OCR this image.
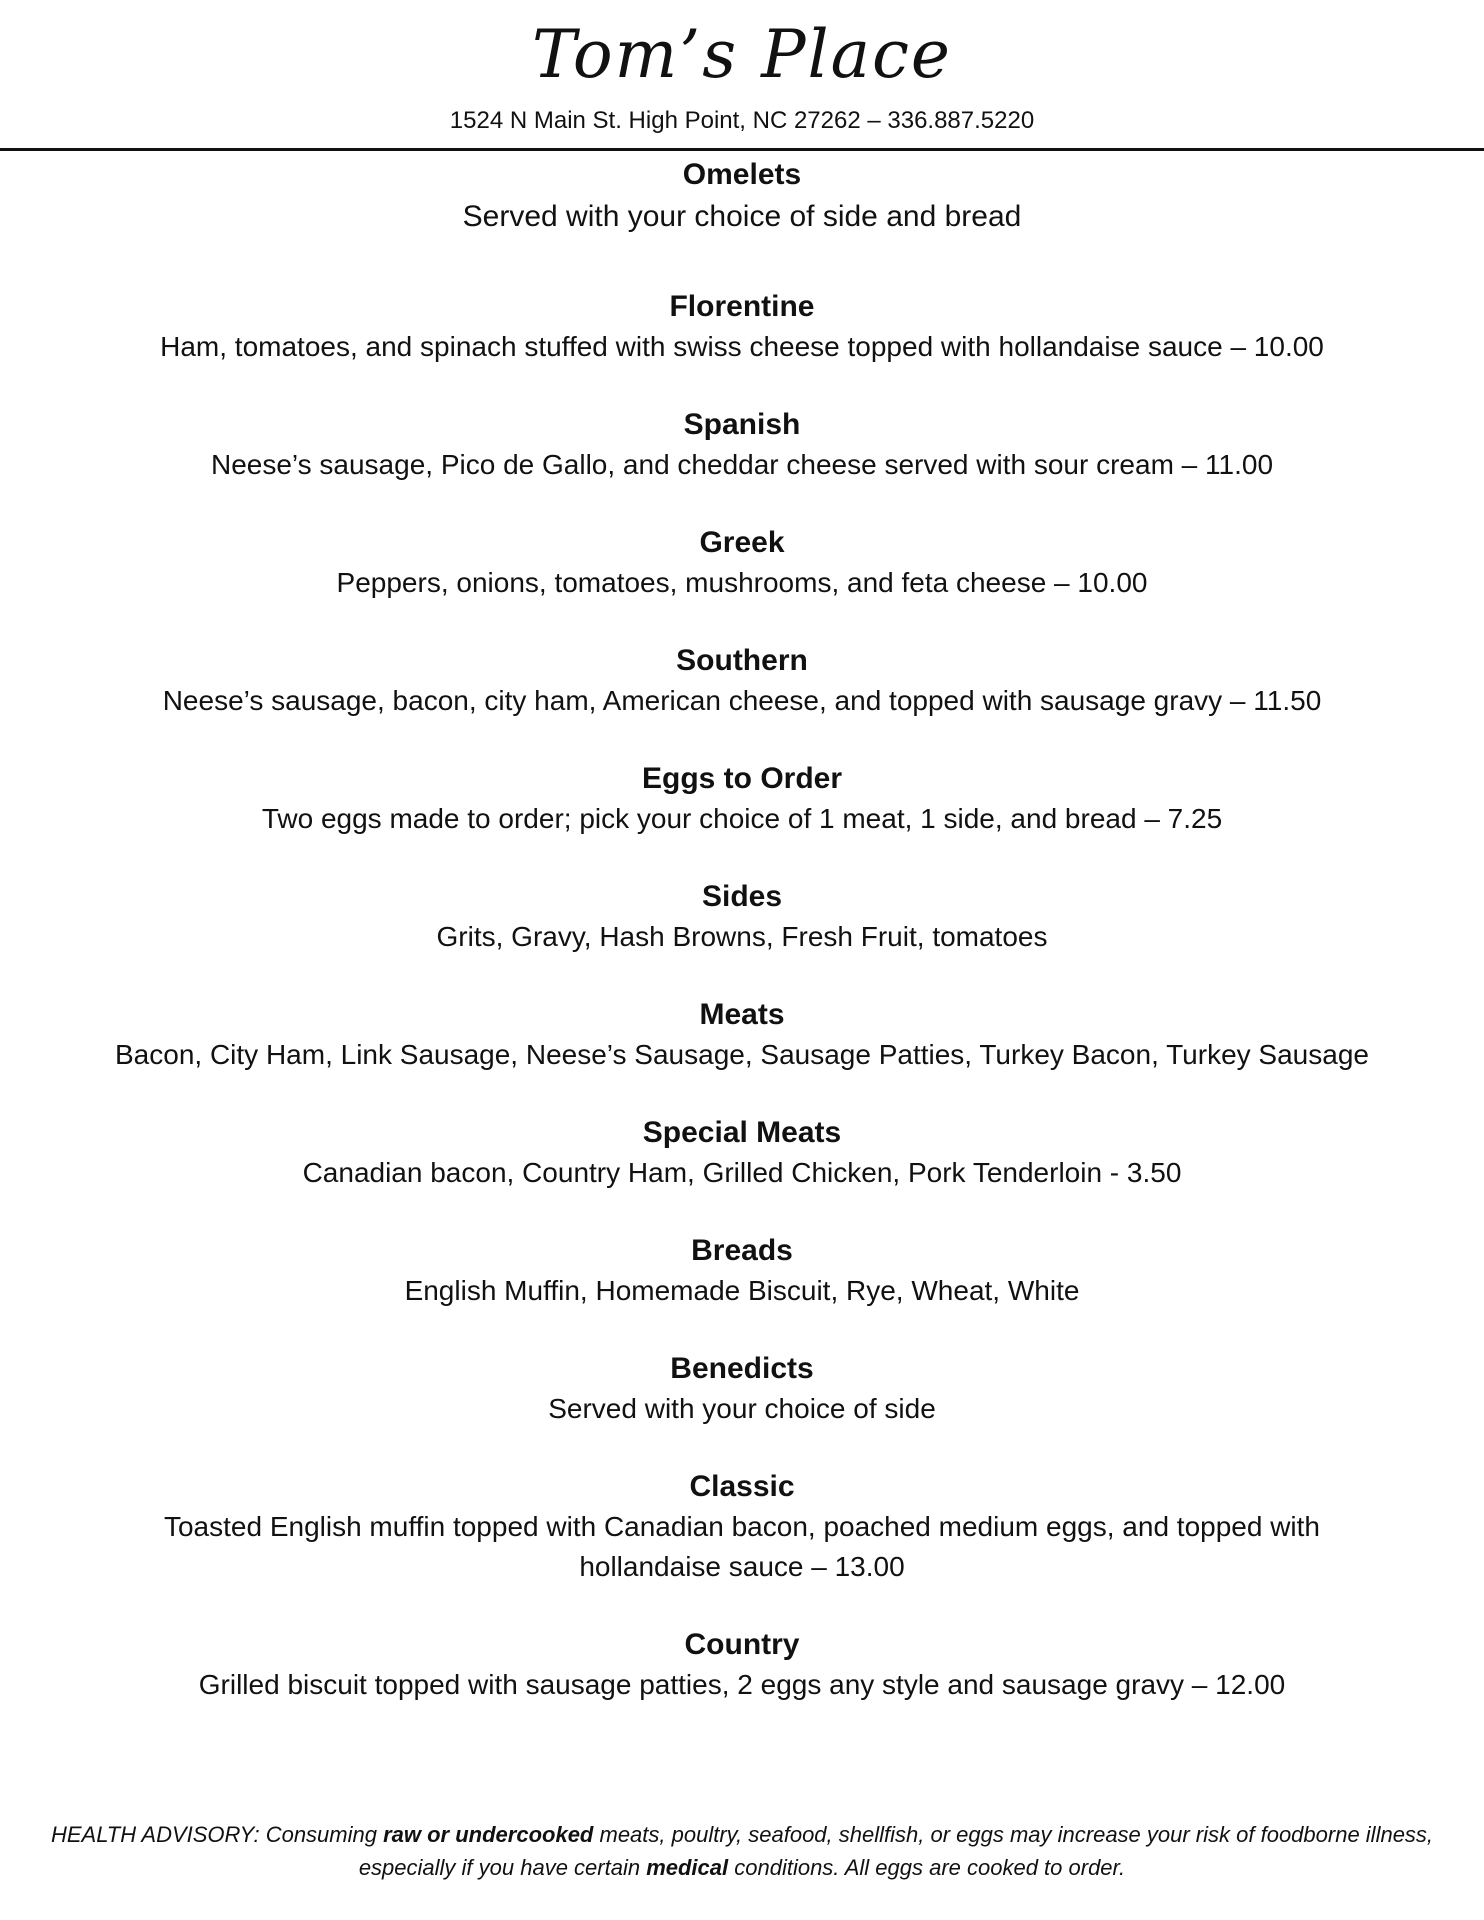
Tom’s Place
1524 N Main St. High Point, NC 27262 – 336.887.5220
Omelets
Served with your choice of side and bread
Florentine
Ham, tomatoes, and spinach stuffed with swiss cheese topped with hollandaise sauce – 10.00
Spanish
Neese’s sausage, Pico de Gallo, and cheddar cheese served with sour cream – 11.00
Greek
Peppers, onions, tomatoes, mushrooms, and feta cheese – 10.00
Southern
Neese’s sausage, bacon, city ham, American cheese, and topped with sausage gravy – 11.50
Eggs to Order
Two eggs made to order; pick your choice of 1 meat, 1 side, and bread – 7.25
Sides
Grits, Gravy, Hash Browns, Fresh Fruit, tomatoes
Meats
Bacon, City Ham, Link Sausage, Neese’s Sausage, Sausage Patties, Turkey Bacon, Turkey Sausage
Special Meats
Canadian bacon, Country Ham, Grilled Chicken, Pork Tenderloin - 3.50
Breads
English Muffin, Homemade Biscuit, Rye, Wheat, White
Benedicts
Served with your choice of side
Classic
Toasted English muffin topped with Canadian bacon, poached medium eggs, and topped with hollandaise sauce – 13.00
Country
Grilled biscuit topped with sausage patties, 2 eggs any style and sausage gravy – 12.00
HEALTH ADVISORY: Consuming raw or undercooked meats, poultry, seafood, shellfish, or eggs may increase your risk of foodborne illness, especially if you have certain medical conditions. All eggs are cooked to order.
